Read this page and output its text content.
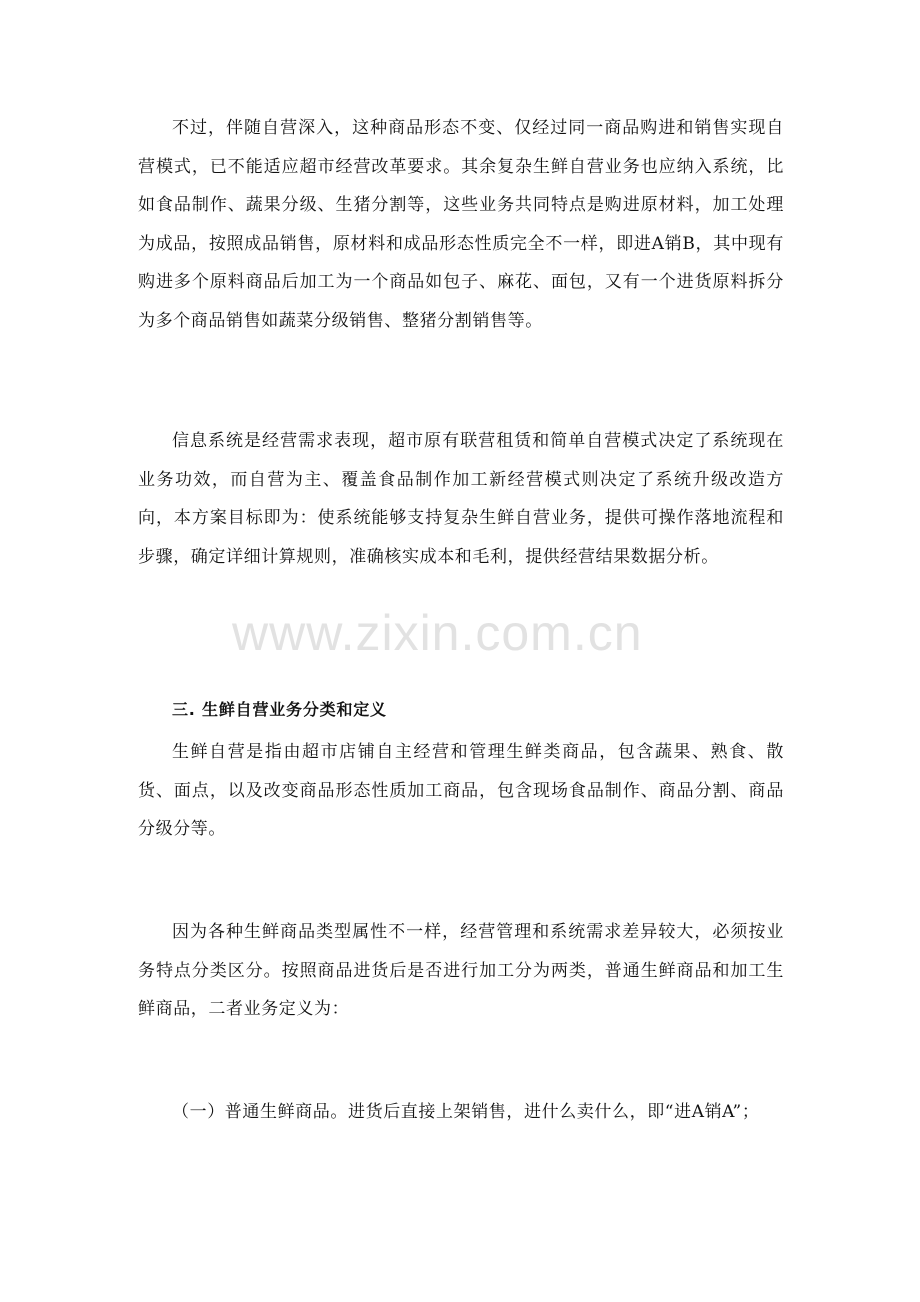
不过，伴随自营深入，这种商品形态不变、仅经过同一商品购进和销售实现自营模式，已不能适应超市经营改革要求。其余复杂生鲜自营业务也应纳入系统，比如食品制作、蔬果分级、生猪分割等，这些业务共同特点是购进原材料，加工处理为成品，按照成品销售，原材料和成品形态性质完全不一样，即进A销B，其中现有购进多个原料商品后加工为一个商品如包子、麻花、面包，又有一个进货原料拆分为多个商品销售如蔬菜分级销售、整猪分割销售等。

信息系统是经营需求表现，超市原有联营租赁和简单自营模式决定了系统现在业务功效，而自营为主、覆盖食品制作加工新经营模式则决定了系统升级改造方向，本方案目标即为：使系统能够支持复杂生鲜自营业务，提供可操作落地流程和步骤，确定详细计算规则，准确核实成本和毛利，提供经营结果数据分析。

www.zixin.com.cn
三. 生鲜自营业务分类和定义

生鲜自营是指由超市店铺自主经营和管理生鲜类商品，包含蔬果、熟食、散货、面点，以及改变商品形态性质加工商品，包含现场食品制作、商品分割、商品分级分等。

因为各种生鲜商品类型属性不一样，经营管理和系统需求差异较大，必须按业务特点分类区分。按照商品进货后是否进行加工分为两类，普通生鲜商品和加工生鲜商品，二者业务定义为：

（一）普通生鲜商品。进货后直接上架销售，进什么卖什么，即“进A销A”；
